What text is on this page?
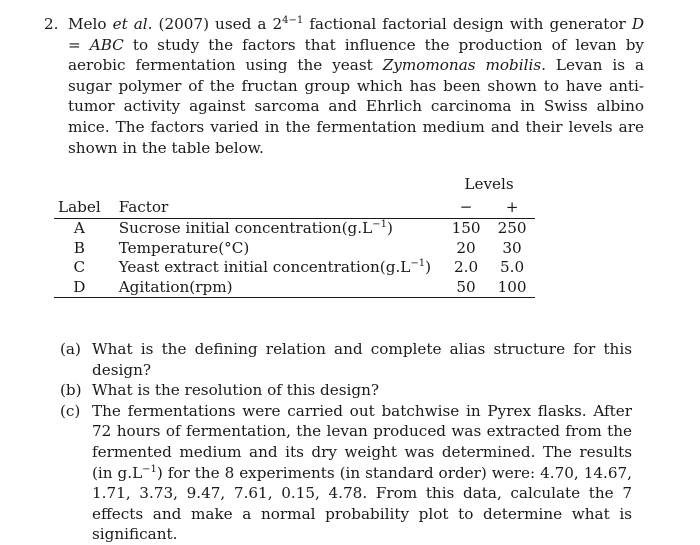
2. Melo et al. (2007) used a $2^{4-1}$ factional factorial design with generator D = ABC to study the factors that influence the production of levan by aerobic fermentation using the yeast Zymomonas mobilis. Levan is a sugar polymer of the fructan group which has been shown to have anti-tumor activity against sarcoma and Ehrlich carcinoma in Swiss albino mice. The factors varied in the fermentation medium and their levels are shown in the table below.
		Levels	
Label	Factor	−	+
A	Sucrose initial $concentration(g.L^{-1})$	150	250
B	Temperature(°C)	20	30
C	Yeast extract initial $concentration(g.L^{-1})$	2.0	5.0
D	Agitation(rpm)	50	100
(a) What is the defining relation and complete alias structure for this design?
(b) What is the resolution of this design?
(c) The fermentations were carried out batchwise in Pyrex flasks. After 72 hours of fermentation, the levan produced was extracted from the fermented medium and its dry weight was determined. The results (in $g.L^{-1}$) for the 8 experiments (in standard order) were: 4.70, 14.67, 1.71, 3.73, 9.47, 7.61, 0.15, 4.78. From this data, calculate the 7 effects and make a normal probability plot to determine what is significant.
